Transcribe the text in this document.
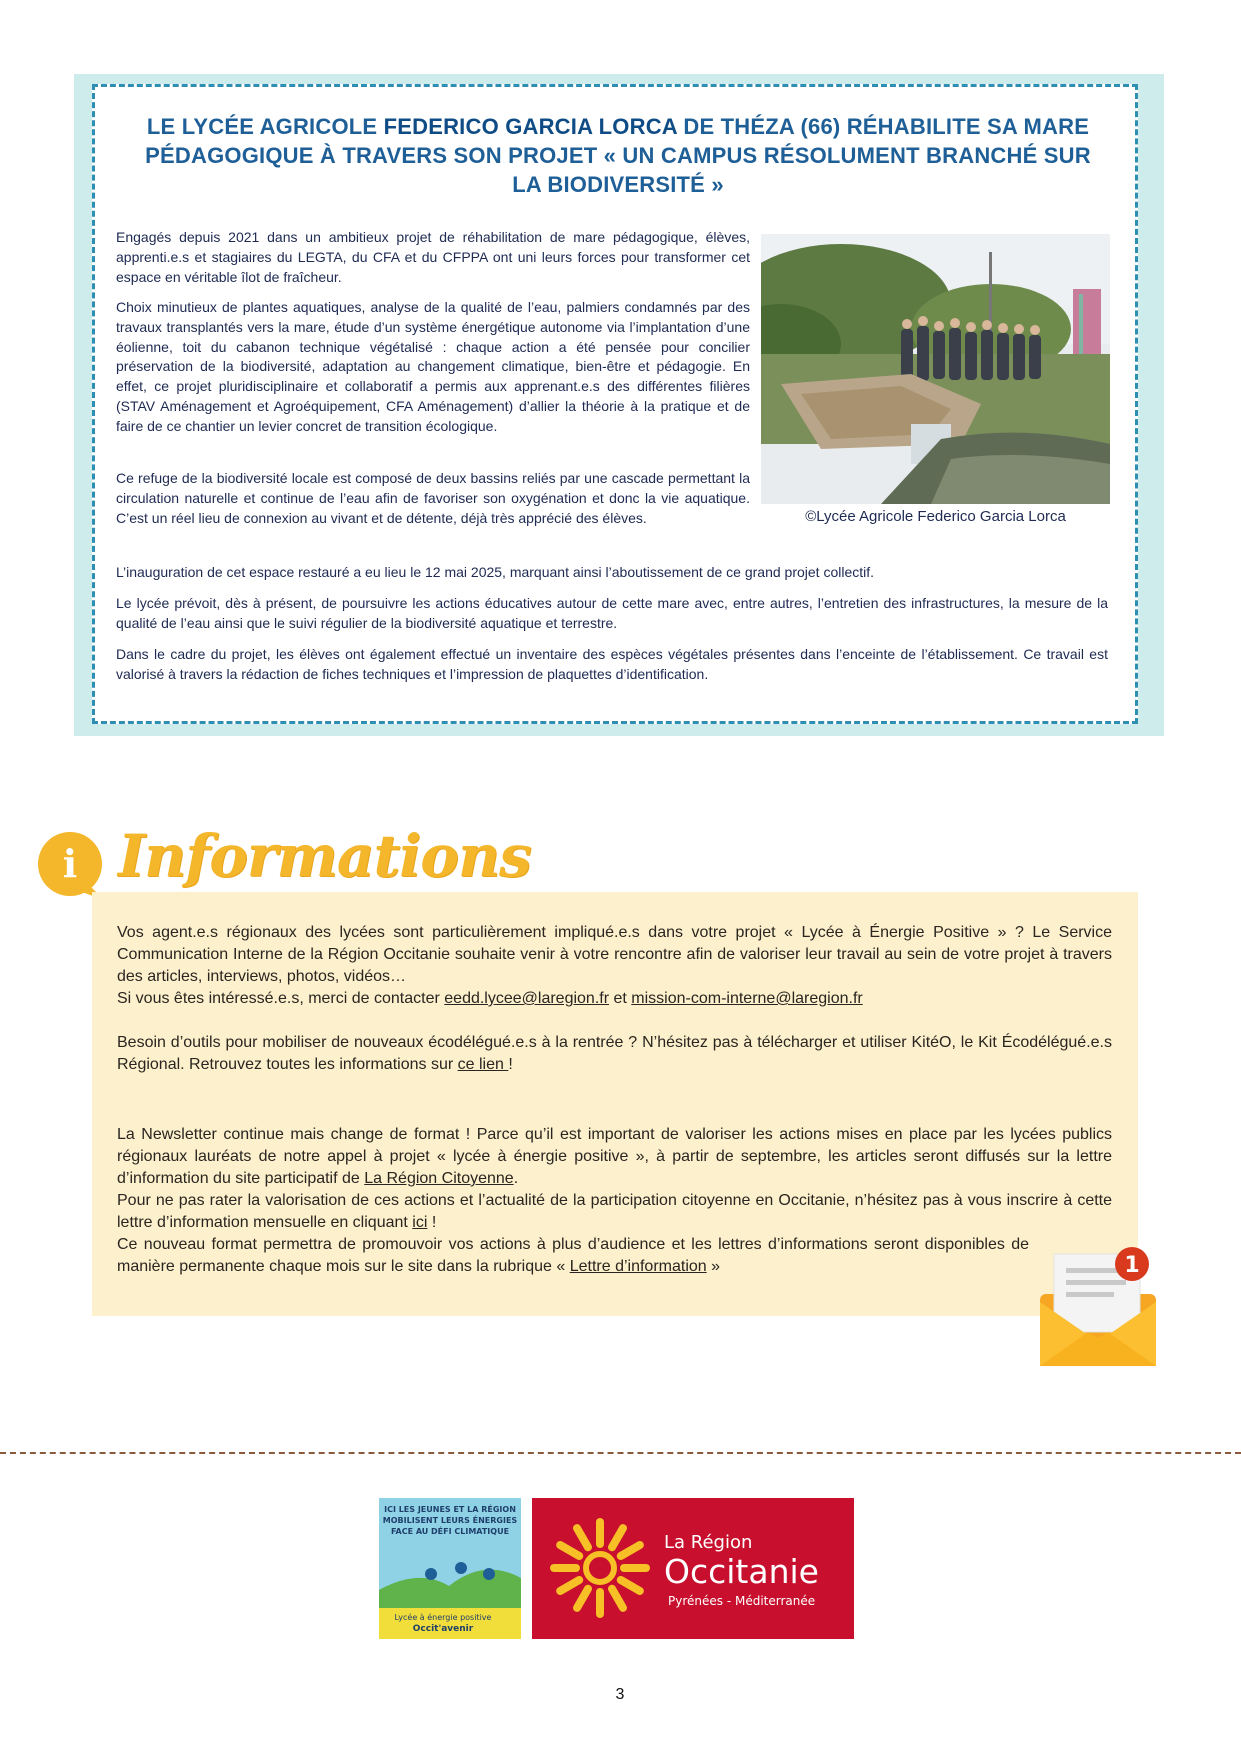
LE LYCÉE AGRICOLE FEDERICO GARCIA LORCA DE THÉZA (66) RÉHABILITE SA MARE PÉDAGOGIQUE À TRAVERS SON PROJET « UN CAMPUS RÉSOLUMENT BRANCHÉ SUR LA BIODIVERSITÉ »
Engagés depuis 2021 dans un ambitieux projet de réhabilitation de mare pédagogique, élèves, apprenti.e.s et stagiaires du LEGTA, du CFA et du CFPPA ont uni leurs forces pour transformer cet espace en véritable îlot de fraîcheur.
Choix minutieux de plantes aquatiques, analyse de la qualité de l’eau, palmiers condamnés par des travaux transplantés vers la mare, étude d’un système énergétique autonome via l’implantation d’une éolienne, toit du cabanon technique végétalisé : chaque action a été pensée pour concilier préservation de la biodiversité, adaptation au changement climatique, bien-être et pédagogie. En effet, ce projet pluridisciplinaire et collaboratif a permis aux apprenant.e.s des différentes filières (STAV Aménagement et Agroéquipement, CFA Aménagement) d’allier la théorie à la pratique et de faire de ce chantier un levier concret de transition écologique.
Ce refuge de la biodiversité locale est composé de deux bassins reliés par une cascade permettant la circulation naturelle et continue de l’eau afin de favoriser son oxygénation et donc la vie aquatique. C’est un réel lieu de connexion au vivant et de détente, déjà très apprécié des élèves.
L’inauguration de cet espace restauré a eu lieu le 12 mai 2025, marquant ainsi l’aboutissement de ce grand projet collectif.
Le lycée prévoit, dès à présent, de poursuivre les actions éducatives autour de cette mare avec, entre autres, l’entretien des infrastructures, la mesure de la qualité de l’eau ainsi que le suivi régulier de la biodiversité aquatique et terrestre.
Dans le cadre du projet, les élèves ont également effectué un inventaire des espèces végétales présentes dans l’enceinte de l’établissement. Ce travail est valorisé à travers la rédaction de fiches techniques et l’impression de plaquettes d’identification.
©Lycée Agricole Federico Garcia Lorca
i Informations
Vos agent.e.s régionaux des lycées sont particulièrement impliqué.e.s dans votre projet « Lycée à Énergie Positive » ? Le Service Communication Interne de la Région Occitanie souhaite venir à votre rencontre afin de valoriser leur travail au sein de votre projet à travers des articles, interviews, photos, vidéos…
Si vous êtes intéressé.e.s, merci de contacter eedd.lycee@laregion.fr et mission-com-interne@laregion.fr
Besoin d’outils pour mobiliser de nouveaux écodélégué.e.s à la rentrée ? N’hésitez pas à télécharger et utiliser KitéO, le Kit Écodélégué.e.s Régional. Retrouvez toutes les informations sur ce lien !
La Newsletter continue mais change de format ! Parce qu’il est important de valoriser les actions mises en place par les lycées publics régionaux lauréats de notre appel à projet « lycée à énergie positive », à partir de septembre, les articles seront diffusés sur la lettre d’information du site participatif de La Région Citoyenne.
Pour ne pas rater la valorisation de ces actions et l’actualité de la participation citoyenne en Occitanie, n’hésitez pas à vous inscrire à cette lettre d’information mensuelle en cliquant ici !
Ce nouveau format permettra de promouvoir vos actions à plus d’audience et les lettres d’informations seront disponibles de manière permanente chaque mois sur le site dans la rubrique « Lettre d’information »	1
ICI LES JEUNES ET LA RÉGION
MOBILISENT LEURS ÉNERGIES
FACE AU DÉFI CLIMATIQUE
Lycée à énergie positive
Occit'avenir
La Région
Occitanie
Pyrénées - Méditerranée
3
